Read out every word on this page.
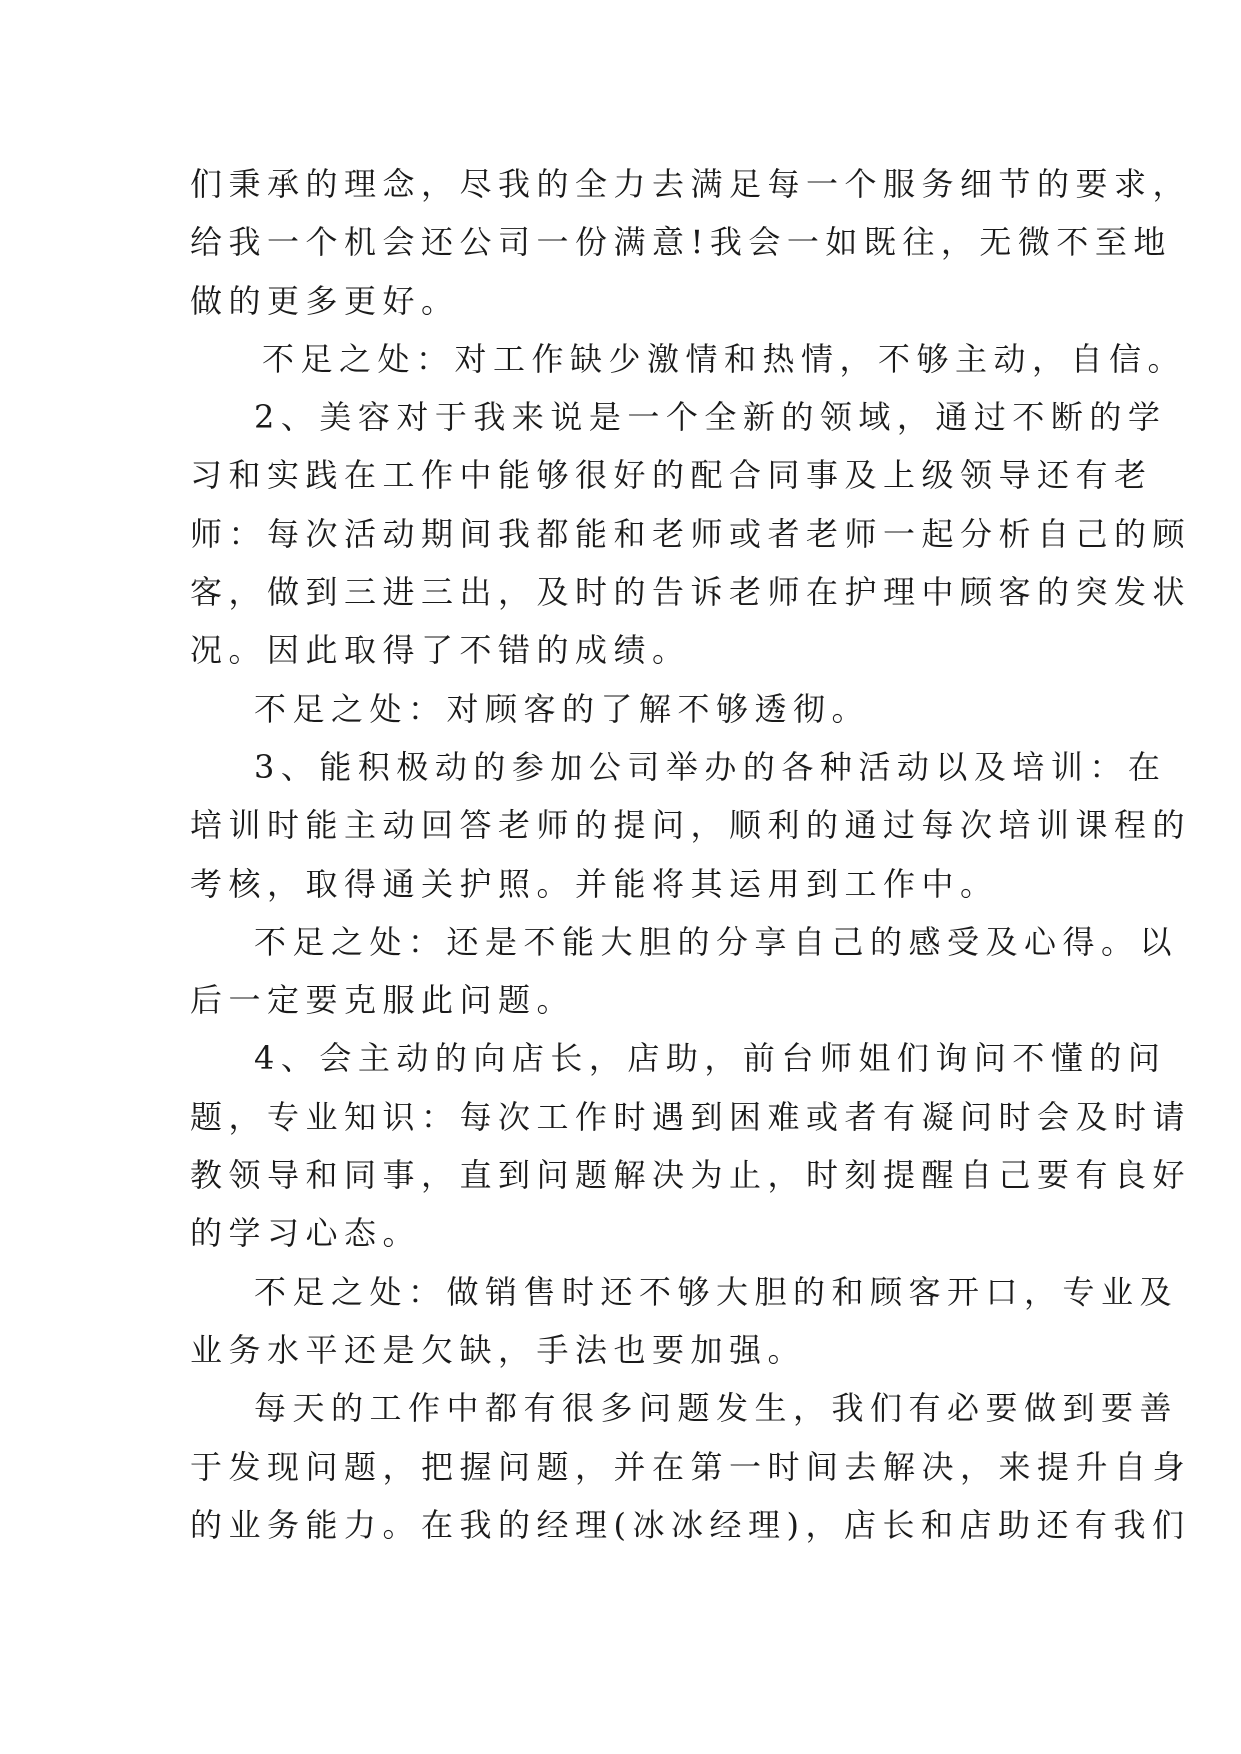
们秉承的理念，尽我的全力去满足每一个服务细节的要求，
给我一个机会还公司一份满意!我会一如既往，无微不至地
做的更多更好。
不足之处：对工作缺少激情和热情，不够主动，自信。
2、美容对于我来说是一个全新的领域，通过不断的学
习和实践在工作中能够很好的配合同事及上级领导还有老
师：每次活动期间我都能和老师或者老师一起分析自己的顾
客，做到三进三出，及时的告诉老师在护理中顾客的突发状
况。因此取得了不错的成绩。
不足之处：对顾客的了解不够透彻。
3、能积极动的参加公司举办的各种活动以及培训：在
培训时能主动回答老师的提问，顺利的通过每次培训课程的
考核，取得通关护照。并能将其运用到工作中。
不足之处：还是不能大胆的分享自己的感受及心得。以
后一定要克服此问题。
4、会主动的向店长，店助，前台师姐们询问不懂的问
题，专业知识：每次工作时遇到困难或者有凝问时会及时请
教领导和同事，直到问题解决为止，时刻提醒自己要有良好
的学习心态。
不足之处：做销售时还不够大胆的和顾客开口，专业及
业务水平还是欠缺，手法也要加强。
每天的工作中都有很多问题发生，我们有必要做到要善
于发现问题，把握问题，并在第一时间去解决，来提升自身
的业务能力。在我的经理(冰冰经理)，店长和店助还有我们
